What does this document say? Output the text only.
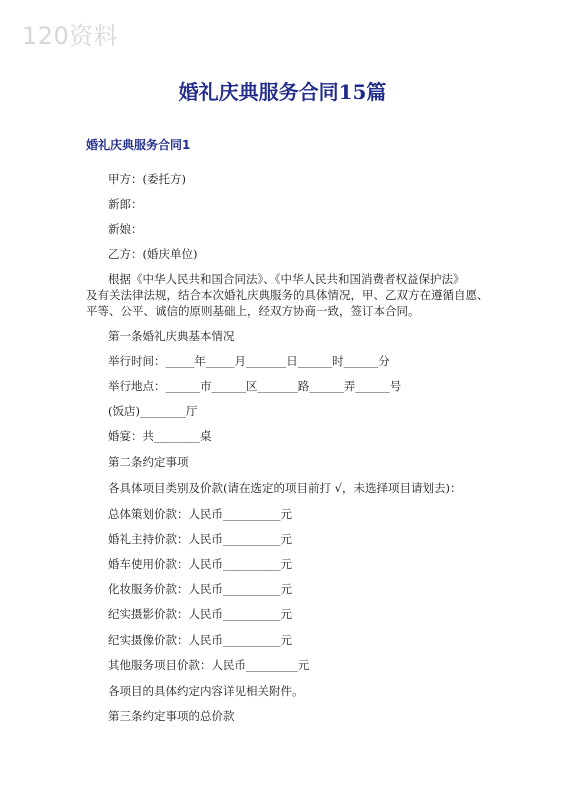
120资料
婚礼庆典服务合同15篇
婚礼庆典服务合同1
甲方：(委托方)
新郎：
新娘：
乙方：(婚庆单位)
根据《中华人民共和国合同法》、《中华人民共和国消费者权益保护法》
及有关法律法规，结合本次婚礼庆典服务的具体情况，甲、乙双方在遵循自愿、
平等、公平、诚信的原则基础上，经双方协商一致，签订本合同。
第一条婚礼庆典基本情况
举行时间：_____年_____月_______日______时______分
举行地点：______市______区_______路______弄______号
(饭店)________厅
婚宴：共________桌
第二条约定事项
各具体项目类别及价款(请在选定的项目前打 √，未选择项目请划去)：
总体策划价款：人民币__________元
婚礼主持价款：人民币__________元
婚车使用价款：人民币__________元
化妆服务价款：人民币__________元
纪实摄影价款：人民币__________元
纪实摄像价款：人民币__________元
其他服务项目价款：人民币_________元
各项目的具体约定内容详见相关附件。
第三条约定事项的总价款
